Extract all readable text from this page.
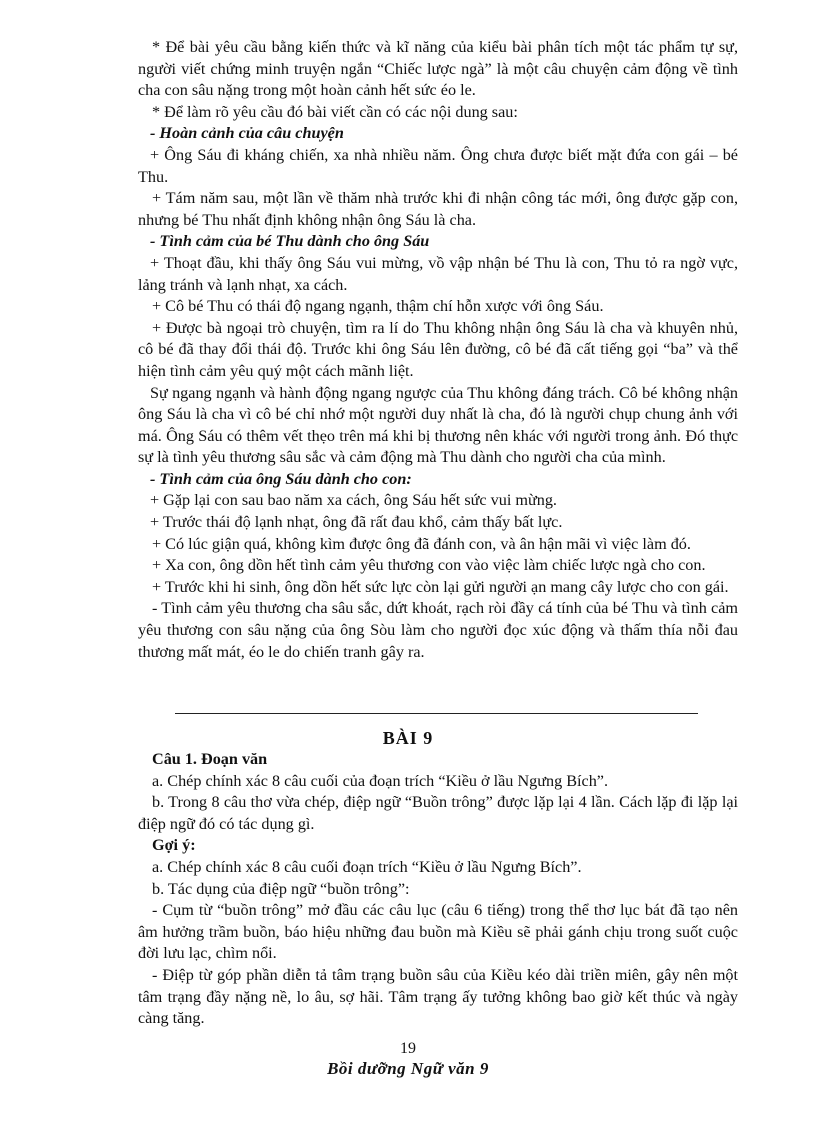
* Để bài yêu cầu bằng kiến thức và kĩ năng của kiểu bài phân tích một tác phẩm tự sự, người viết chứng minh truyện ngắn “Chiếc lược ngà” là một câu chuyện cảm động về tình cha con sâu nặng trong một hoàn cảnh hết sức éo le.

* Để làm rõ yêu cầu đó bài viết cần có các nội dung sau:

- Hoàn cảnh của câu chuyện

+ Ông Sáu đi kháng chiến, xa nhà nhiều năm. Ông chưa được biết mặt đứa con gái – bé Thu.

+ Tám năm sau, một lần về thăm nhà trước khi đi nhận công tác mới, ông được gặp con, nhưng bé Thu nhất định không nhận ông Sáu là cha.

- Tình cảm của bé Thu dành cho ông Sáu

+ Thoạt đầu, khi thấy ông Sáu vui mừng, vồ vập nhận bé Thu là con, Thu tỏ ra ngờ vực, lảng tránh và lạnh nhạt, xa cách.

+ Cô bé Thu có thái độ ngang ngạnh, thậm chí hỗn xược với ông Sáu.

+ Được bà ngoại trò chuyện, tìm ra lí do Thu không nhận ông Sáu là cha và khuyên nhủ, cô bé đã thay đổi thái độ. Trước khi ông Sáu lên đường, cô bé đã cất tiếng gọi “ba” và thể hiện tình cảm yêu quý một cách mãnh liệt.

Sự ngang ngạnh và hành động ngang ngược của Thu không đáng trách. Cô bé không nhận ông Sáu là cha vì cô bé chỉ nhớ một người duy nhất là cha, đó là người chụp chung ảnh với má. Ông Sáu có thêm vết thẹo trên má khi bị thương nên khác với người trong ảnh. Đó thực sự là tình yêu thương sâu sắc và cảm động mà Thu dành cho người cha của mình.

- Tình cảm của ông Sáu dành cho con:

+ Gặp lại con sau bao năm xa cách, ông Sáu hết sức vui mừng.

+ Trước thái độ lạnh nhạt, ông đã rất đau khổ, cảm thấy bất lực.

+ Có lúc giận quá, không kìm được ông đã đánh con, và ân hận mãi vì việc làm đó.

+ Xa con, ông dồn hết tình cảm yêu thương con vào việc làm chiếc lược ngà cho con.

+ Trước khi hi sinh, ông dồn hết sức lực còn lại gửi người ạn mang cây lược cho con gái.

- Tình cảm yêu thương cha sâu sắc, dứt khoát, rạch ròi đầy cá tính của bé Thu và tình cảm yêu thương con sâu nặng của ông Sòu làm cho người đọc xúc động và thấm thía nỗi đau thương mất mát, éo le do chiến tranh gây ra.

BÀI 9

Câu 1. Đoạn văn

a. Chép chính xác 8 câu cuối của đoạn trích “Kiều ở lầu Ngưng Bích”.

b. Trong 8 câu thơ vừa chép, điệp ngữ “Buồn trông” được lặp lại 4 lần. Cách lặp đi lặp lại điệp ngữ đó có tác dụng gì.

Gợi ý:

a. Chép chính xác 8 câu cuối đoạn trích “Kiều ở lầu Ngưng Bích”.

b. Tác dụng của điệp ngữ “buồn trông”:

- Cụm từ “buồn trông” mở đầu các câu lục (câu 6 tiếng) trong thể thơ lục bát đã tạo nên âm hưởng trầm buồn, báo hiệu những đau buồn mà Kiều sẽ phải gánh chịu trong suốt cuộc đời lưu lạc, chìm nổi.

- Điệp từ góp phần diễn tả tâm trạng buồn sâu của Kiều kéo dài triền miên, gây nên một tâm trạng đầy nặng nề, lo âu, sợ hãi. Tâm trạng ấy tưởng không bao giờ kết thúc và ngày càng tăng.

19
Bồi dưỡng Ngữ văn 9
